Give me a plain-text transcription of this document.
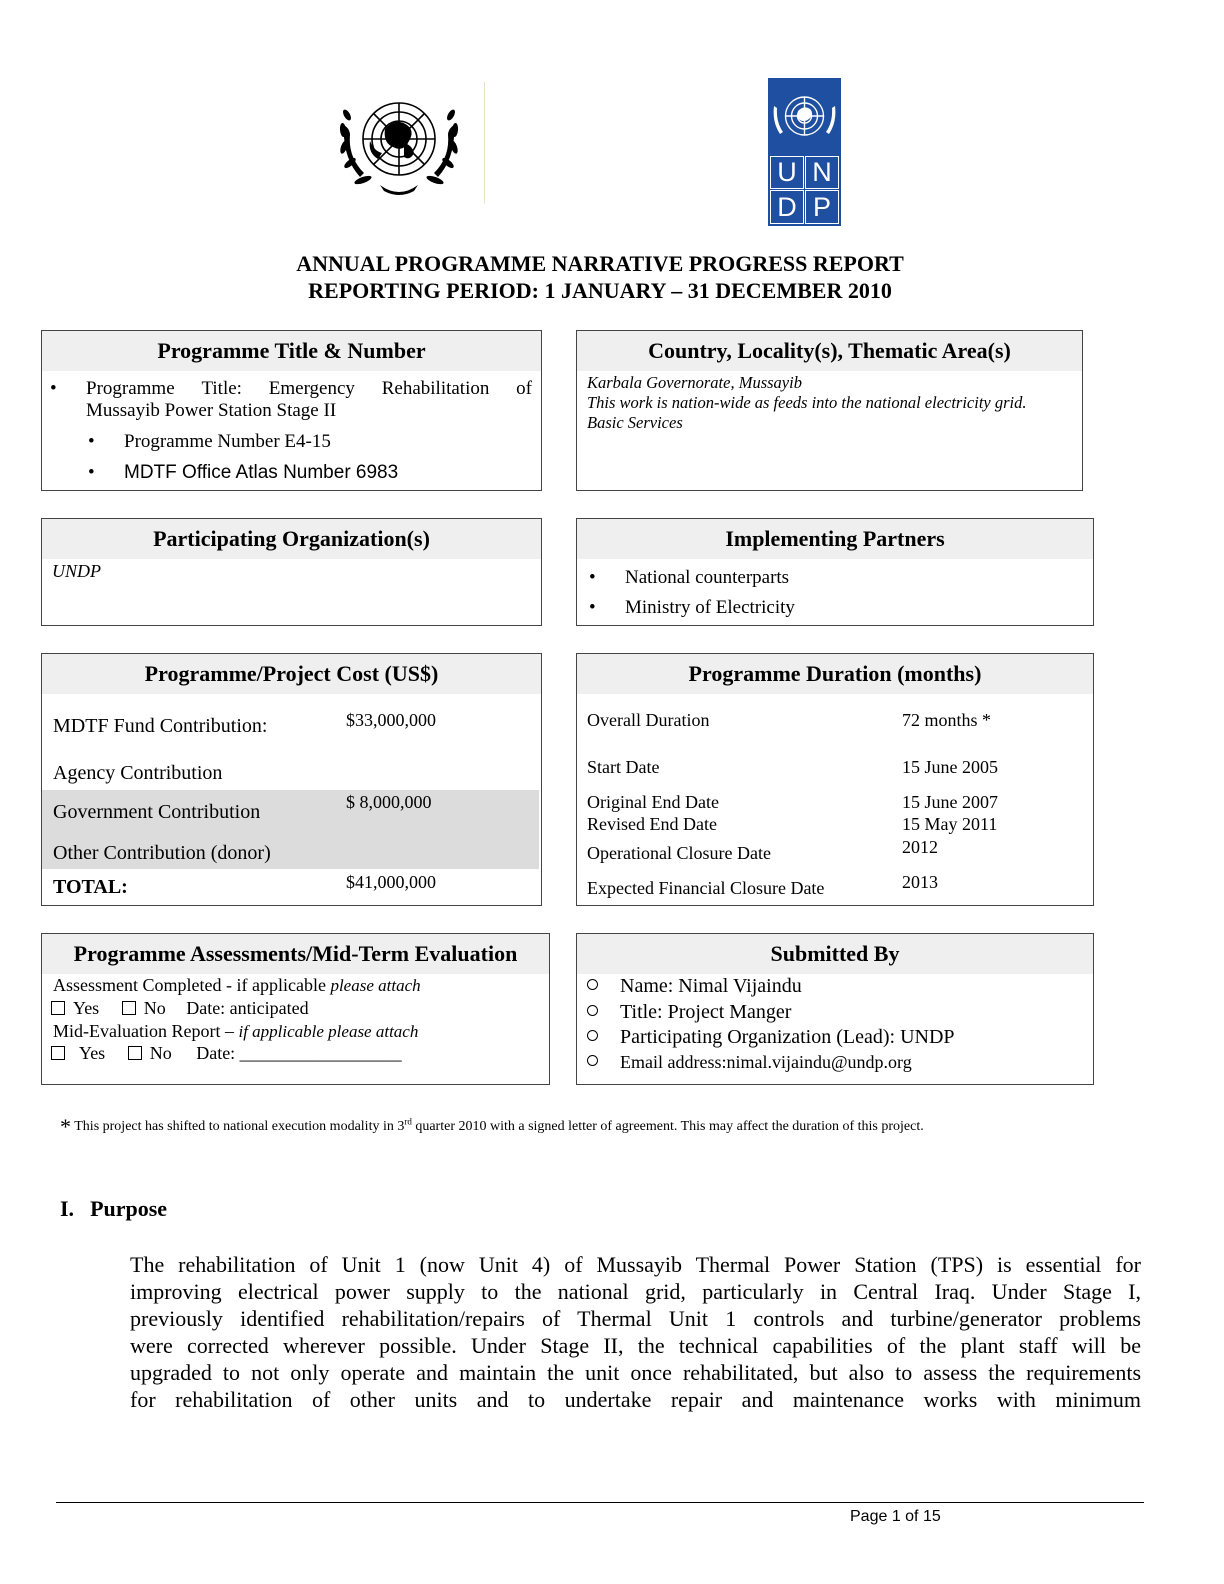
U N
D P
ANNUAL PROGRAMME NARRATIVE PROGRESS REPORT
REPORTING PERIOD: 1 JANUARY – 31 DECEMBER 2010
Programme Title & Number
• Programme Title: Emergency Rehabilitation of
Mussayib Power Station Stage II
• Programme Number E4-15
• MDTF Office Atlas Number 6983
Country, Locality(s), Thematic Area(s)
Karbala Governorate, Mussayib
This work is nation-wide as feeds into the national electricity grid.
Basic Services
Participating Organization(s)
UNDP
Implementing Partners
• National counterparts
• Ministry of Electricity
Programme/Project Cost (US$)
MDTF Fund Contribution:	$33,000,000
Agency Contribution
Government Contribution	$ 8,000,000
Other Contribution (donor)
TOTAL:	$41,000,000
Programme Duration (months)
Overall Duration	72 months *
Start Date	15 June 2005
Original End Date	15 June 2007
Revised End Date	15 May 2011
Operational Closure Date	2012
Expected Financial Closure Date	2013
Programme Assessments/Mid-Term Evaluation
Assessment Completed - if applicable please attach
Yes No Date: anticipated
Mid-Evaluation Report – if applicable please attach
Yes No Date: __________________
Submitted By
Name: Nimal Vijaindu
Title: Project Manger
Participating Organization (Lead): UNDP
Email address:nimal.vijaindu@undp.org
* This project has shifted to national execution modality in 3rd quarter 2010 with a signed letter of agreement. This may affect the duration of this project.
I. Purpose
The rehabilitation of Unit 1 (now Unit 4) of Mussayib Thermal Power Station (TPS) is essential for
improving electrical power supply to the national grid, particularly in Central Iraq. Under Stage I,
previously identified rehabilitation/repairs of Thermal Unit 1 controls and turbine/generator problems
were corrected wherever possible. Under Stage II, the technical capabilities of the plant staff will be
upgraded to not only operate and maintain the unit once rehabilitated, but also to assess the requirements
for rehabilitation of other units and to undertake repair and maintenance works with minimum
Page 1 of 15
